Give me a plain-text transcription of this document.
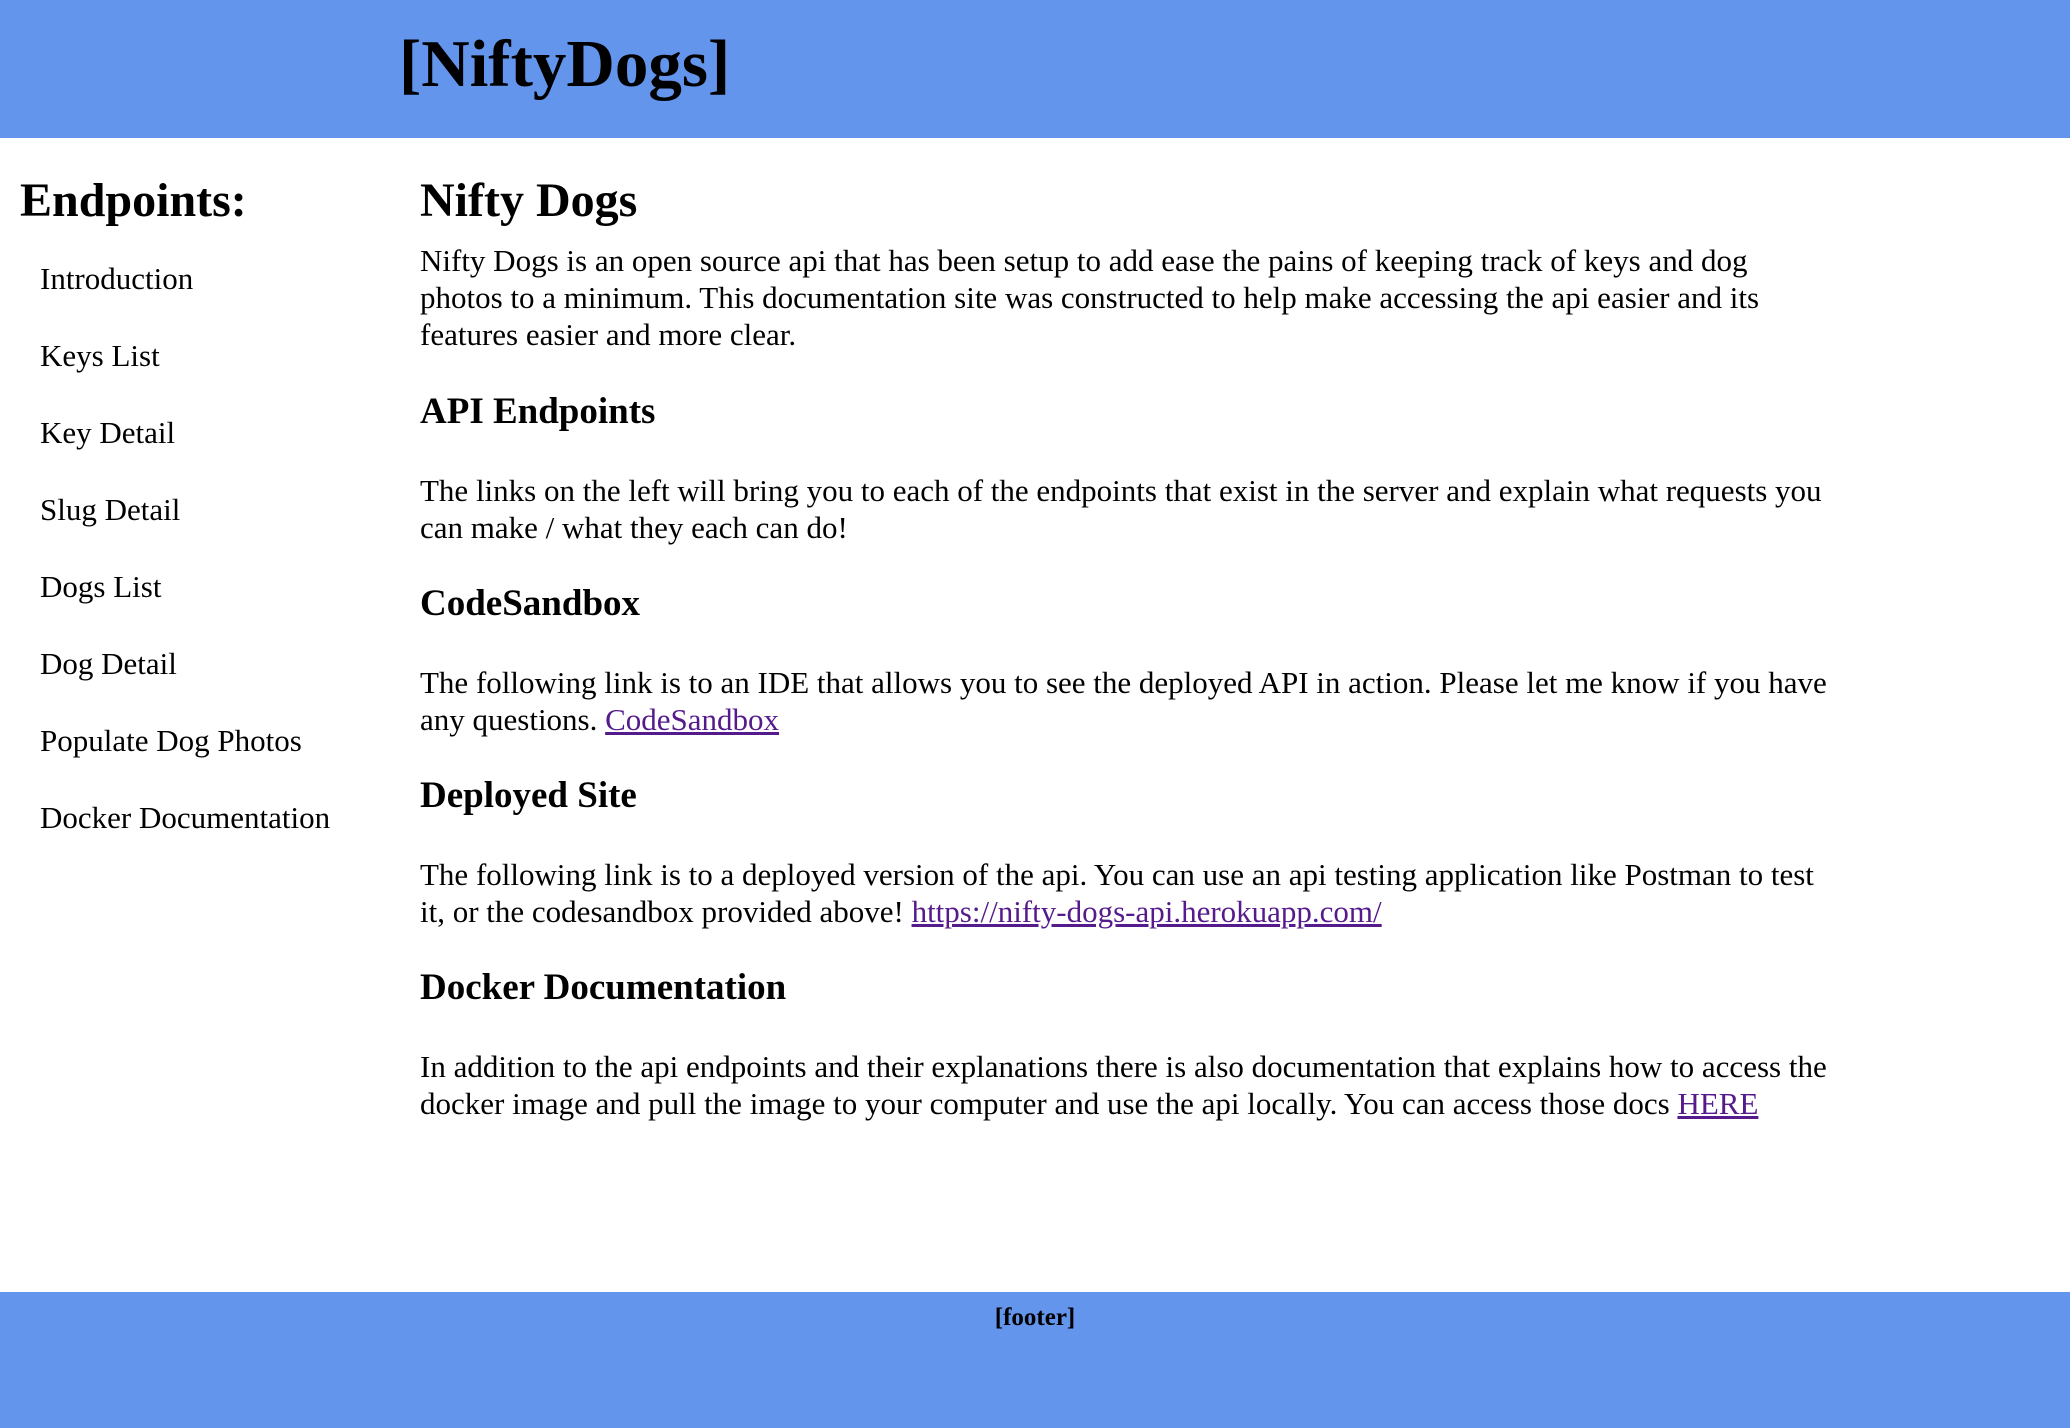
[NiftyDogs]
Endpoints:
Introduction
Keys List
Key Detail
Slug Detail
Dogs List
Dog Detail
Populate Dog Photos
Docker Documentation
Nifty Dogs

Nifty Dogs is an open source api that has been setup to add ease the pains of keeping track of keys and dog photos to a minimum. This documentation site was constructed to help make accessing the api easier and its features easier and more clear.

API Endpoints

The links on the left will bring you to each of the endpoints that exist in the server and explain what requests you can make / what they each can do!

CodeSandbox

The following link is to an IDE that allows you to see the deployed API in action. Please let me know if you have any questions. CodeSandbox

Deployed Site

The following link is to a deployed version of the api. You can use an api testing application like Postman to test it, or the codesandbox provided above! https://nifty-dogs-api.herokuapp.com/

Docker Documentation

In addition to the api endpoints and their explanations there is also documentation that explains how to access the docker image and pull the image to your computer and use the api locally. You can access those docs HERE

[footer]
